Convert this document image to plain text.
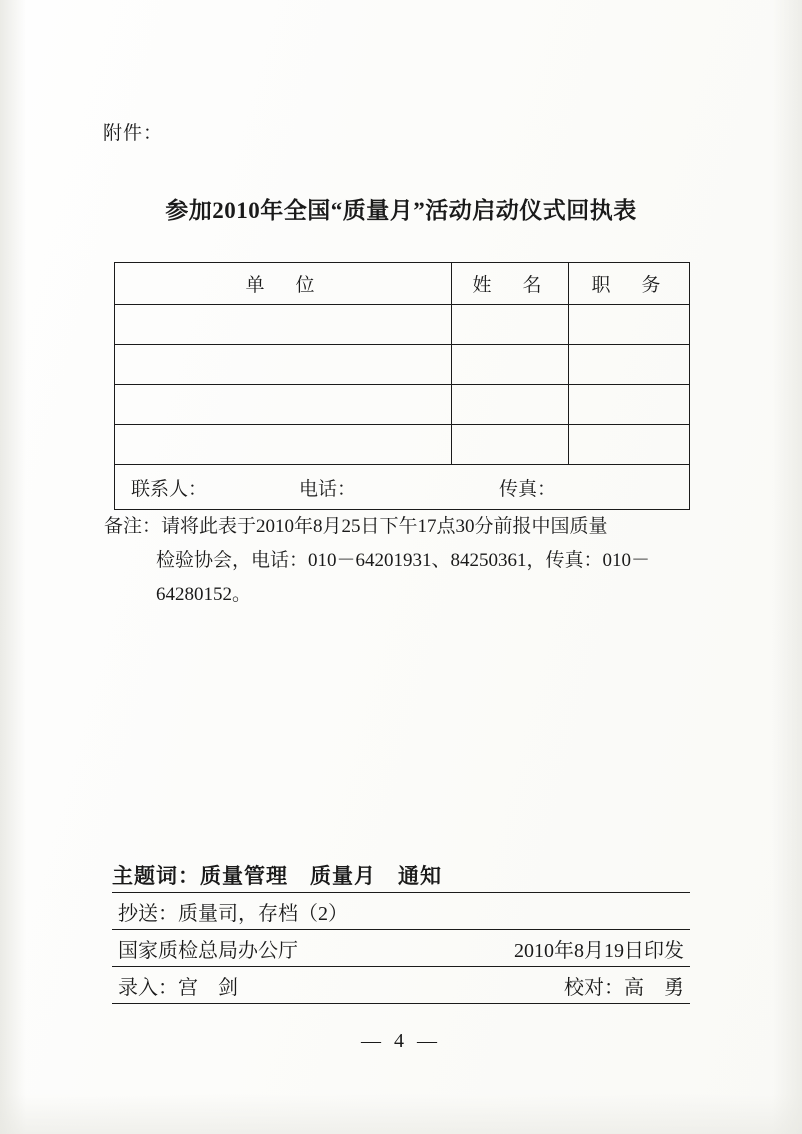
附件：
参加2010年全国“质量月”活动启动仪式回执表
单　位	姓　名	职　务

联系人： 电话： 传真：		
备注：请将此表于2010年8月25日下午17点30分前报中国质量
检验协会，电话：010－64201931、84250361，传真：010－64280152。
主题词：质量管理　质量月　通知
抄送：质量司，存档（2）	
国家质检总局办公厅	2010年8月19日印发
录入：宫　剑	校对：高　勇
— 4 —
